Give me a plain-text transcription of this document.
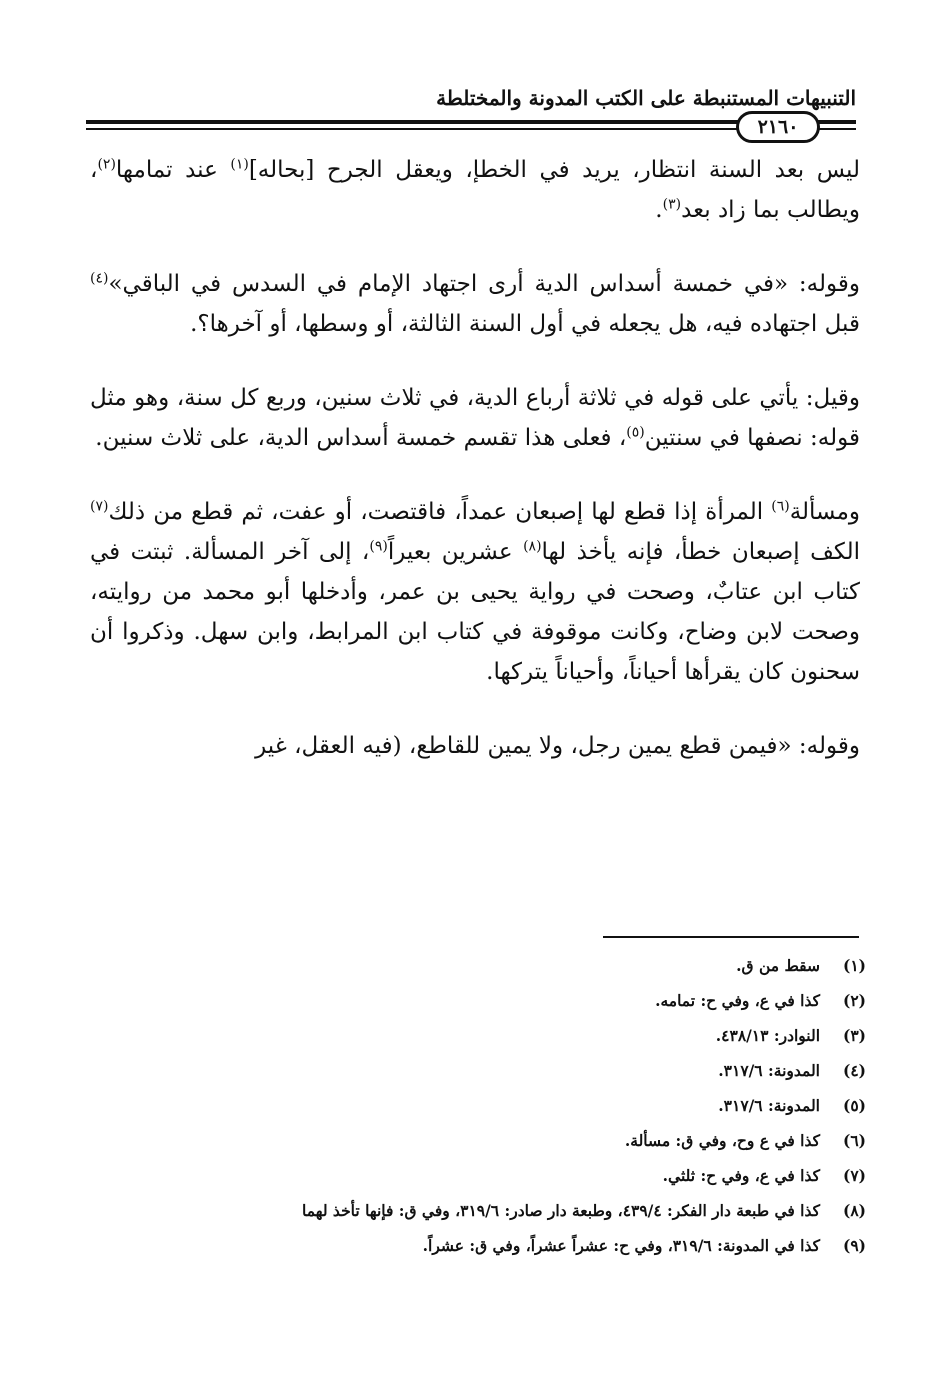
التنبيهات المستنبطة على الكتب المدونة والمختلطة
٢١٦٠

ليس بعد السنة انتظار، يريد في الخطإ، ويعقل الجرح [بحاله]$^{(١)}$ عند تمامها$^{(٢)}$، ويطالب بما زاد بعد$^{(٣)}$.

وقوله: «في خمسة أسداس الدية أرى اجتهاد الإمام في السدس في الباقي»$^{(٤)}$ قبل اجتهاده فيه، هل يجعله في أول السنة الثالثة، أو وسطها، أو آخرها؟.

وقيل: يأتي على قوله في ثلاثة أرباع الدية، في ثلاث سنين، وربع كل سنة، وهو مثل قوله: نصفها في سنتين$^{(٥)}$، فعلى هذا تقسم خمسة أسداس الدية، على ثلاث سنين.

ومسألة$^{(٦)}$ المرأة إذا قطع لها إصبعان عمداً، فاقتصت، أو عفت، ثم قطع من ذلك$^{(٧)}$ الكف إصبعان خطأ، فإنه يأخذ لها$^{(٨)}$ عشرين بعيراً$^{(٩)}$، إلى آخر المسألة. ثبتت في كتاب ابن عتابٌ، وصحت في رواية يحيى بن عمر، وأدخلها أبو محمد من روايته، وصحت لابن وضاح، وكانت موقوفة في كتاب ابن المرابط، وابن سهل. وذكروا أن سحنون كان يقرأها أحياناً، وأحياناً يتركها.

وقوله: «فيمن قطع يمين رجل، ولا يمين للقاطع، (فيه العقل، غير

(١)
سقط من ق.
(٢)
كذا في ع، وفي ح: تمامه.
(٣)
النوادر: ٤٣٨/١٣.
(٤)
المدونة: ٣١٧/٦.
(٥)
المدونة: ٣١٧/٦.
(٦)
كذا في ع وح، وفي ق: مسألة.
(٧)
كذا في ع، وفي ح: ثلثي.
(٨)
كذا في طبعة دار الفكر: ٤٣٩/٤، وطبعة دار صادر: ٣١٩/٦، وفي ق: فإنها تأخذ لهما
(٩)
كذا في المدونة: ٣١٩/٦، وفي ح: عشراً عشراً، وفي ق: عشراً.
